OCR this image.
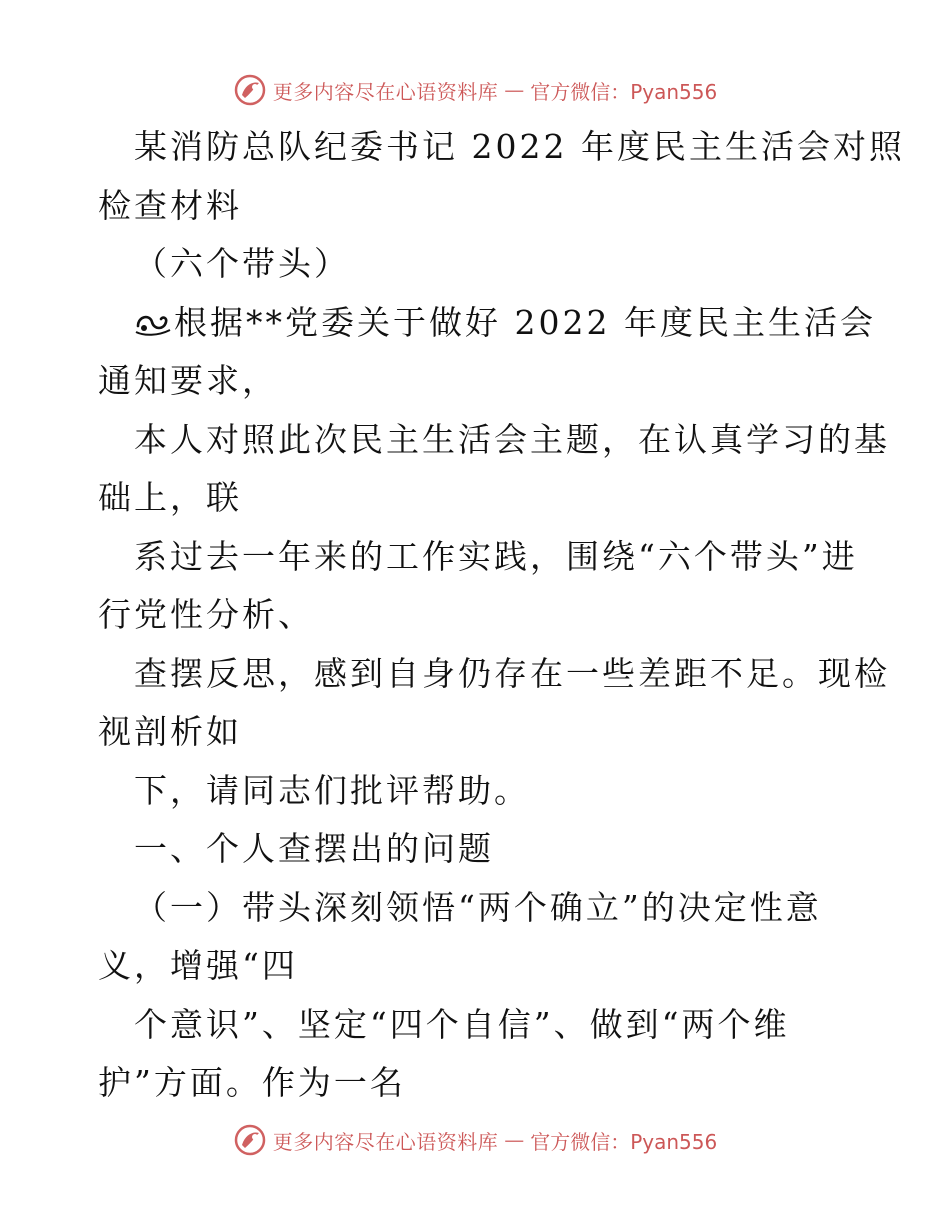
更多内容尽在心语资料库 — 官方微信：Pyan556
某消防总队纪委书记 2022 年度民主生活会对照
检查材料
（六个带头）
根据**党委关于做好 2022 年度民主生活会
通知要求，
本人对照此次民主生活会主题，在认真学习的基
础上，联
系过去一年来的工作实践，围绕“六个带头”进
行党性分析、
查摆反思，感到自身仍存在一些差距不足。现检
视剖析如
下，请同志们批评帮助。
一、个人查摆出的问题
（一）带头深刻领悟“两个确立”的决定性意
义，增强“四
个意识”、坚定“四个自信”、做到“两个维
护”方面。作为一名
更多内容尽在心语资料库 — 官方微信：Pyan556
